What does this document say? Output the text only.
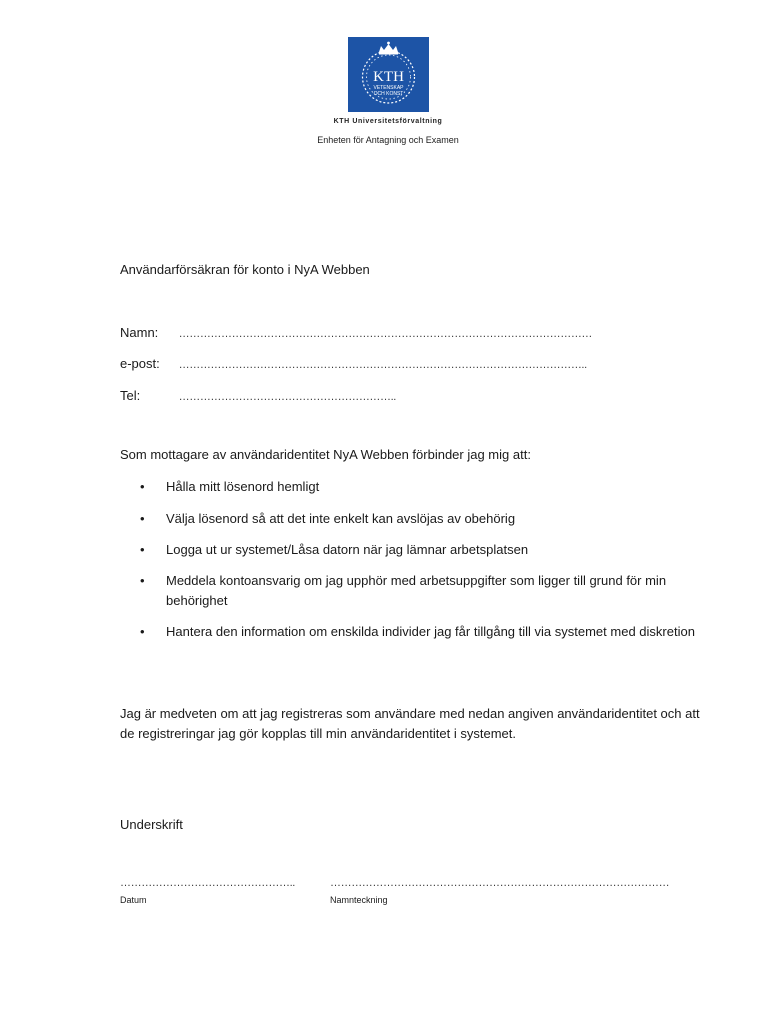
KTH
VETENSKAP
OCH KONST
KTH Universitetsförvaltning
Enheten för Antagning och Examen
Användarförsäkran för konto i NyA Webben
Namn: ………………………………………………………………………………………………………
e-post: ……………………………………………………………………………………………………..
Tel:	……………………………………………………..
Som mottagare av användaridentitet NyA Webben förbinder jag mig att:
• Hålla mitt lösenord hemligt
• Välja lösenord så att det inte enkelt kan avslöjas av obehörig
• Logga ut ur systemet/Låsa datorn när jag lämnar arbetsplatsen
• Meddela kontoansvarig om jag upphör med arbetsuppgifter som ligger till grund för min behörighet
• Hantera den information om enskilda individer jag får tillgång till via systemet med diskretion
Jag är medveten om att jag registreras som användare med nedan angiven användaridentitet och att de registreringar jag gör kopplas till min användaridentitet i systemet.
Underskrift
…………………………………………..
Datum
……………………………………………………………………………………
Namnteckning
